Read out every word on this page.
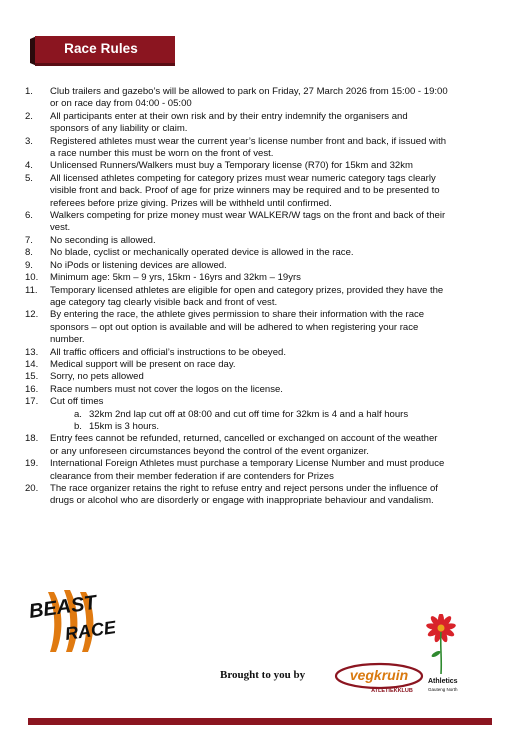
Race Rules
1. Club trailers and gazebo’s will be allowed to park on Friday, 27 March 2026 from 15:00 - 19:00
or on race day from 04:00 - 05:00
2. All participants enter at their own risk and by their entry indemnify the organisers and
sponsors of any liability or claim.
3. Registered athletes must wear the current year’s license number front and back, if issued with
a race number this must be worn on the front of vest.
4. Unlicensed Runners/Walkers must buy a Temporary license (R70) for 15km and 32km
5. All licensed athletes competing for category prizes must wear numeric category tags clearly
visible front and back. Proof of age for prize winners may be required and to be presented to
referees before prize giving. Prizes will be withheld until confirmed.
6. Walkers competing for prize money must wear WALKER/W tags on the front and back of their
vest.
7. No seconding is allowed.
8. No blade, cyclist or mechanically operated device is allowed in the race.
9. No iPods or listening devices are allowed.
10. Minimum age: 5km – 9 yrs, 15km - 16yrs and 32km – 19yrs
11. Temporary licensed athletes are eligible for open and category prizes, provided they have the
age category tag clearly visible back and front of vest.
12. By entering the race, the athlete gives permission to share their information with the race
sponsors – opt out option is available and will be adhered to when registering your race
number.
13. All traffic officers and official’s instructions to be obeyed.
14. Medical support will be present on race day.
15. Sorry, no pets allowed
16. Race numbers must not cover the logos on the license.
17. Cut off times
a. 32km 2nd lap cut off at 08:00 and cut off time for 32km is 4 and a half hours
b. 15km is 3 hours.
18. Entry fees cannot be refunded, returned, cancelled or exchanged on account of the weather
or any unforeseen circumstances beyond the control of the event organizer.
19. International Foreign Athletes must purchase a temporary License Number and must produce
clearance from their member federation if are contenders for Prizes
20. The race organizer retains the right to refuse entry and reject persons under the influence of
drugs or alcohol who are disorderly or engage with inappropriate behaviour and vandalism.
BEAST
RACE
Brought to you by	vegkruin
ATLETIEKKLUB
Athletics
Gauteng North
